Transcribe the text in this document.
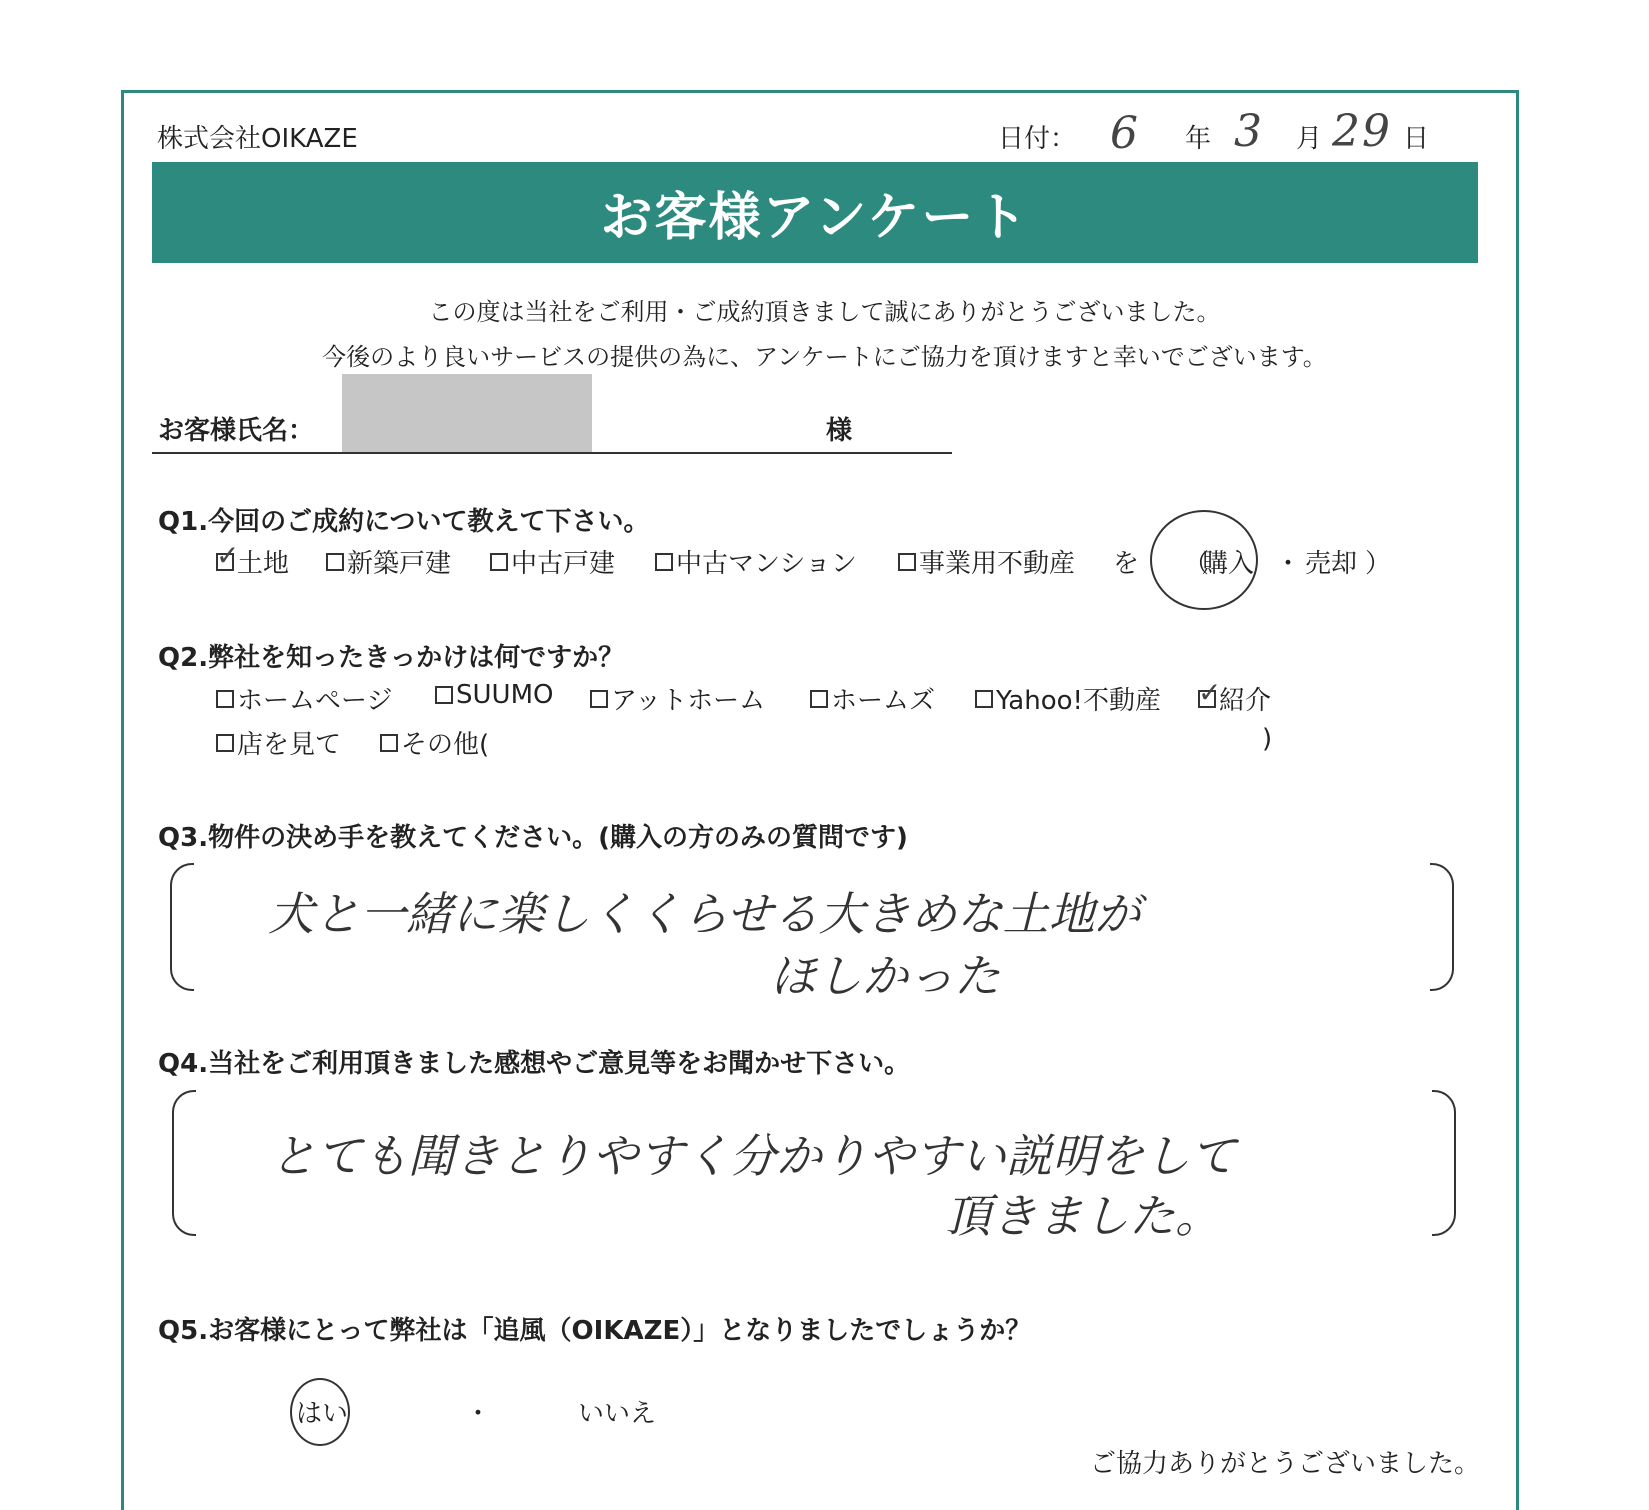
株式会社OIKAZE	日付： 6 年 3 月 29 日
お客様アンケート
この度は当社をご利用・ご成約頂きまして誠にありがとうございました。
今後のより良いサービスの提供の為に、アンケートにご協力を頂けますと幸いでございます。
お客様氏名：	様
Q1.今回のご成約について教えて下さい。
✓
土地 新築戸建 中古戸建 中古マンション 事業用不動産 を （
購入 ・ 売却 ）
Q2.弊社を知ったきっかけは何ですか？
ホームページ SUUMO アットホーム	ホームズ Yahoo!不動産 ✓
紹介
店を見て その他(	)
Q3.物件の決め手を教えてください。(購入の方のみの質問です)
犬と一緒に楽しくくらせる大きめな土地が
ほしかった
Q4.当社をご利用頂きました感想やご意見等をお聞かせ下さい。
とても聞きとりやすく分かりやすい説明をして
頂きました。
Q5.お客様にとって弊社は「追風（OIKAZE）」となりましたでしょうか？
はい	・	いいえ
ご協力ありがとうございました。
